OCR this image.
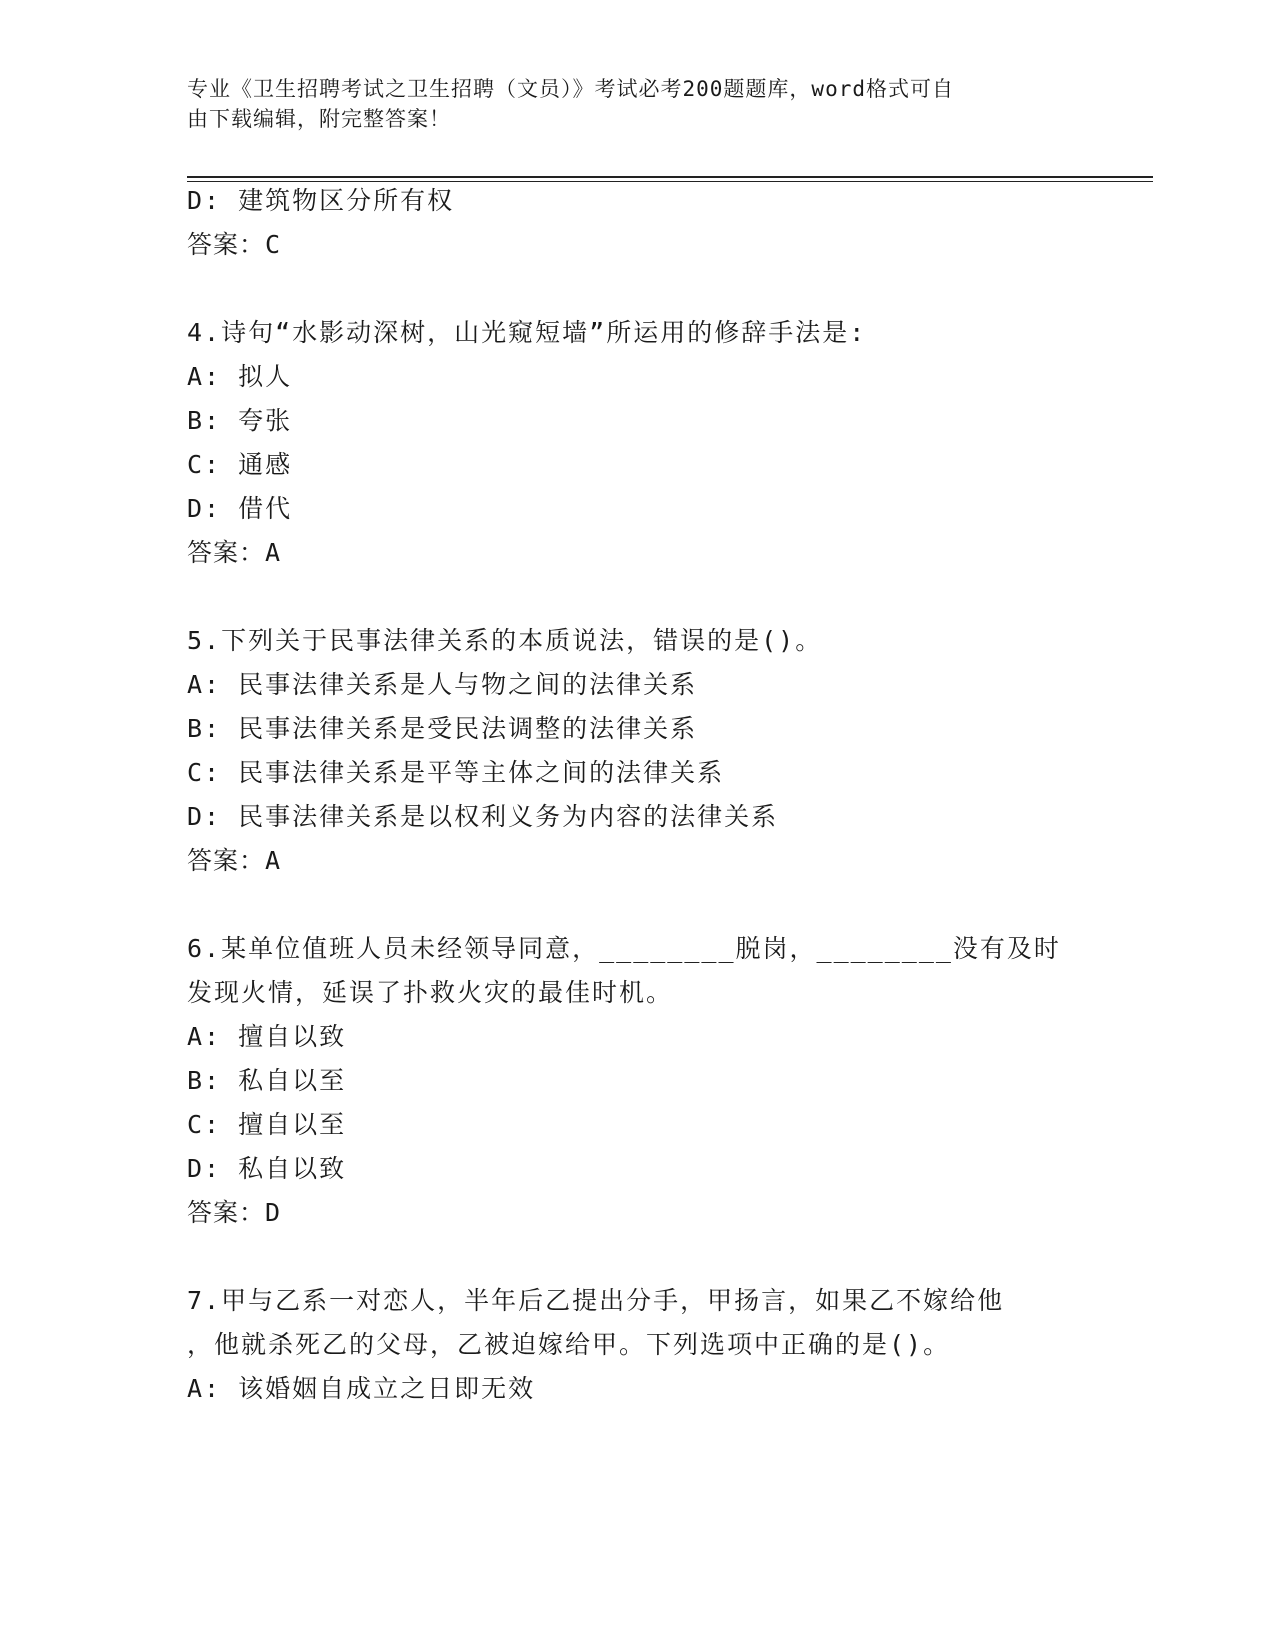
专业《卫生招聘考试之卫生招聘（文员）》考试必考200题题库，word格式可自
由下载编辑，附完整答案！
D: 建筑物区分所有权
答案：C
4.诗句“水影动深树，山光窥短墙”所运用的修辞手法是:
A: 拟人
B: 夸张
C: 通感
D: 借代
答案：A
5.下列关于民事法律关系的本质说法，错误的是()。
A: 民事法律关系是人与物之间的法律关系
B: 民事法律关系是受民法调整的法律关系
C: 民事法律关系是平等主体之间的法律关系
D: 民事法律关系是以权利义务为内容的法律关系
答案：A
6.某单位值班人员未经领导同意，________脱岗，________没有及时
发现火情，延误了扑救火灾的最佳时机。
A: 擅自以致
B: 私自以至
C: 擅自以至
D: 私自以致
答案：D
7.甲与乙系一对恋人，半年后乙提出分手，甲扬言，如果乙不嫁给他
，他就杀死乙的父母，乙被迫嫁给甲。下列选项中正确的是()。
A: 该婚姻自成立之日即无效
